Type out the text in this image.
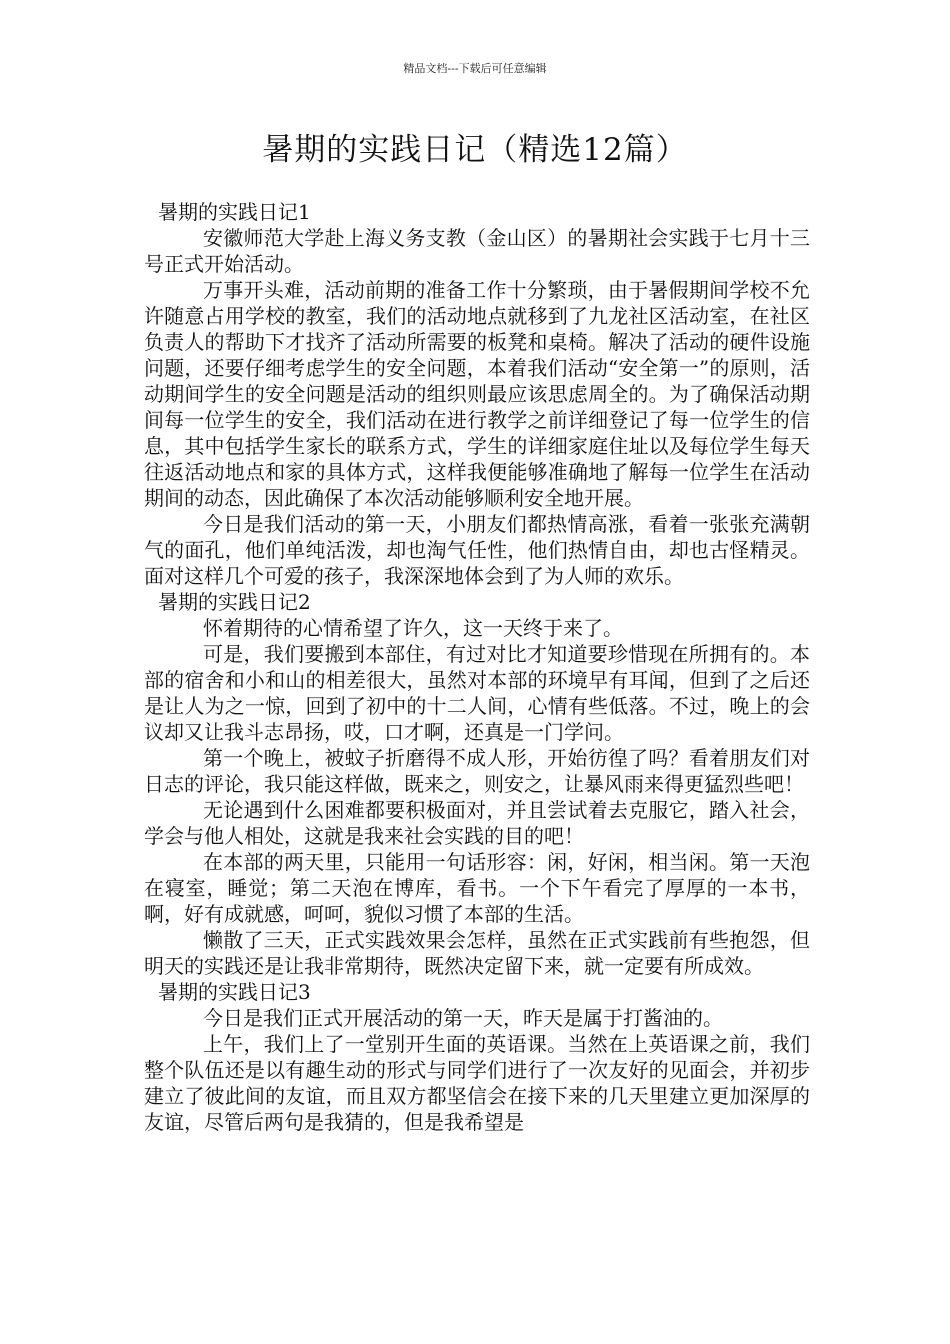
精品文档---下载后可任意编辑
暑期的实践日记（精选12篇）

暑期的实践日记1

安徽师范大学赴上海义务支教（金山区）的暑期社会实践于七月十三号正式开始活动。

万事开头难，活动前期的准备工作十分繁琐，由于暑假期间学校不允许随意占用学校的教室，我们的活动地点就移到了九龙社区活动室，在社区负责人的帮助下才找齐了活动所需要的板凳和桌椅。解决了活动的硬件设施问题，还要仔细考虑学生的安全问题，本着我们活动“安全第一”的原则，活动期间学生的安全问题是活动的组织则最应该思虑周全的。为了确保活动期间每一位学生的安全，我们活动在进行教学之前详细登记了每一位学生的信息，其中包括学生家长的联系方式，学生的详细家庭住址以及每位学生每天往返活动地点和家的具体方式，这样我便能够准确地了解每一位学生在活动期间的动态，因此确保了本次活动能够顺利安全地开展。

今日是我们活动的第一天，小朋友们都热情高涨，看着一张张充满朝气的面孔，他们单纯活泼，却也淘气任性，他们热情自由，却也古怪精灵。面对这样几个可爱的孩子，我深深地体会到了为人师的欢乐。

暑期的实践日记2

怀着期待的心情希望了许久，这一天终于来了。

可是，我们要搬到本部住，有过对比才知道要珍惜现在所拥有的。本部的宿舍和小和山的相差很大，虽然对本部的环境早有耳闻，但到了之后还是让人为之一惊，回到了初中的十二人间，心情有些低落。不过，晚上的会议却又让我斗志昂扬，哎，口才啊，还真是一门学问。

第一个晚上，被蚊子折磨得不成人形，开始彷徨了吗？看着朋友们对日志的评论，我只能这样做，既来之，则安之，让暴风雨来得更猛烈些吧！

无论遇到什么困难都要积极面对，并且尝试着去克服它，踏入社会，学会与他人相处，这就是我来社会实践的目的吧！

在本部的两天里，只能用一句话形容：闲，好闲，相当闲。第一天泡在寝室，睡觉；第二天泡在博库，看书。一个下午看完了厚厚的一本书，啊，好有成就感，呵呵，貌似习惯了本部的生活。

懒散了三天，正式实践效果会怎样，虽然在正式实践前有些抱怨，但明天的实践还是让我非常期待，既然决定留下来，就一定要有所成效。

暑期的实践日记3

今日是我们正式开展活动的第一天，昨天是属于打酱油的。

上午，我们上了一堂别开生面的英语课。当然在上英语课之前，我们整个队伍还是以有趣生动的形式与同学们进行了一次友好的见面会，并初步建立了彼此间的友谊，而且双方都坚信会在接下来的几天里建立更加深厚的友谊，尽管后两句是我猜的，但是我希望是
